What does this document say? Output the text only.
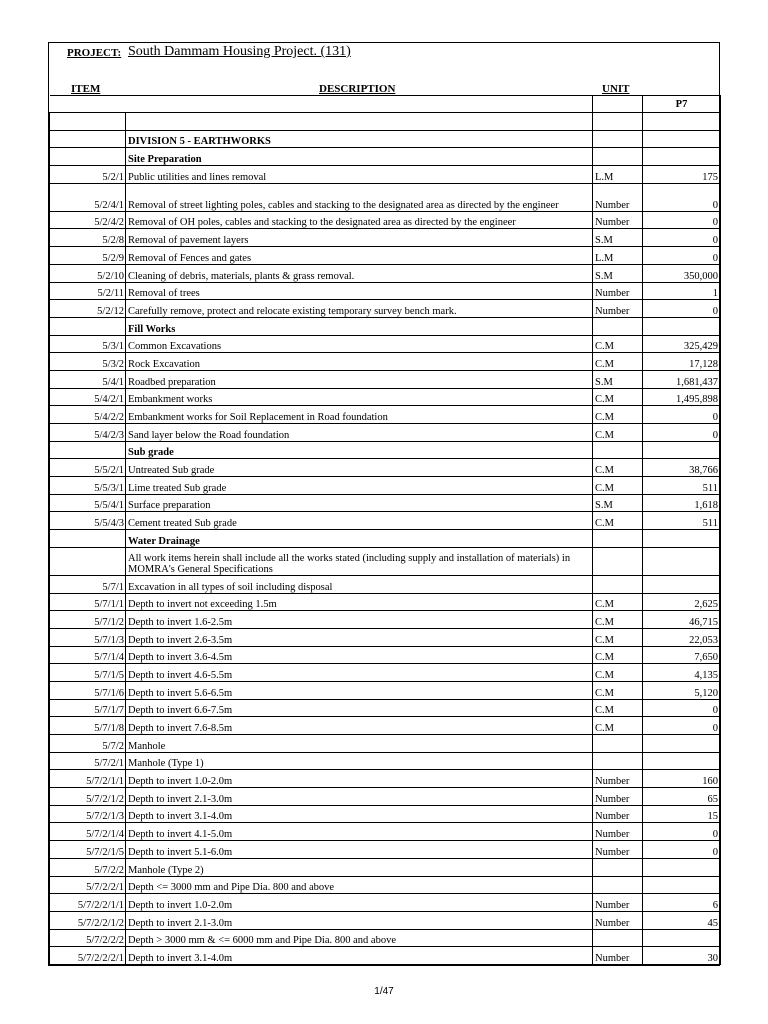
PROJECT: South Dammam Housing Project. (131)
ITEM	DESCRIPTION	UNIT
			P7

	DIVISION 5 - EARTHWORKS		
	Site Preparation		
5/2/1	Public utilities and lines removal	L.M	175
5/2/4/1	Removal of street lighting poles, cables and stacking to the designated area as directed by the engineer	Number	0
5/2/4/2	Removal of OH poles, cables and stacking to the designated area as directed by the engineer	Number	0
5/2/8	Removal of pavement layers	S.M	0
5/2/9	Removal of Fences and gates	L.M	0
5/2/10	Cleaning of debris, materials, plants & grass removal.	S.M	350,000
5/2/11	Removal of trees	Number	1
5/2/12	Carefully remove, protect and relocate existing temporary survey bench mark.	Number	0
	Fill Works		
5/3/1	Common Excavations	C.M	325,429
5/3/2	Rock Excavation	C.M	17,128
5/4/1	Roadbed preparation	S.M	1,681,437
5/4/2/1	Embankment works	C.M	1,495,898
5/4/2/2	Embankment works for Soil Replacement in Road foundation	C.M	0
5/4/2/3	Sand layer below the Road foundation	C.M	0
	Sub grade		
5/5/2/1	Untreated Sub grade	C.M	38,766
5/5/3/1	Lime treated Sub grade	C.M	511
5/5/4/1	Surface preparation	S.M	1,618
5/5/4/3	Cement treated Sub grade	C.M	511
	Water Drainage		
	All work items herein shall include all the works stated (including supply and installation of materials) in MOMRA's General Specifications		
5/7/1	Excavation in all types of soil including disposal		
5/7/1/1	Depth to invert not exceeding 1.5m	C.M	2,625
5/7/1/2	Depth to invert 1.6-2.5m	C.M	46,715
5/7/1/3	Depth to invert 2.6-3.5m	C.M	22,053
5/7/1/4	Depth to invert 3.6-4.5m	C.M	7,650
5/7/1/5	Depth to invert 4.6-5.5m	C.M	4,135
5/7/1/6	Depth to invert 5.6-6.5m	C.M	5,120
5/7/1/7	Depth to invert 6.6-7.5m	C.M	0
5/7/1/8	Depth to invert 7.6-8.5m	C.M	0
5/7/2	Manhole		
5/7/2/1	Manhole (Type 1)		
5/7/2/1/1	Depth to invert 1.0-2.0m	Number	160
5/7/2/1/2	Depth to invert 2.1-3.0m	Number	65
5/7/2/1/3	Depth to invert 3.1-4.0m	Number	15
5/7/2/1/4	Depth to invert 4.1-5.0m	Number	0
5/7/2/1/5	Depth to invert 5.1-6.0m	Number	0
5/7/2/2	Manhole (Type 2)		
5/7/2/2/1	Depth <= 3000 mm and Pipe Dia. 800 and above		
5/7/2/2/1/1	Depth to invert 1.0-2.0m	Number	6
5/7/2/2/1/2	Depth to invert 2.1-3.0m	Number	45
5/7/2/2/2	Depth > 3000 mm & <= 6000 mm and Pipe Dia. 800 and above		
5/7/2/2/2/1	Depth to invert 3.1-4.0m	Number	30
1/47
